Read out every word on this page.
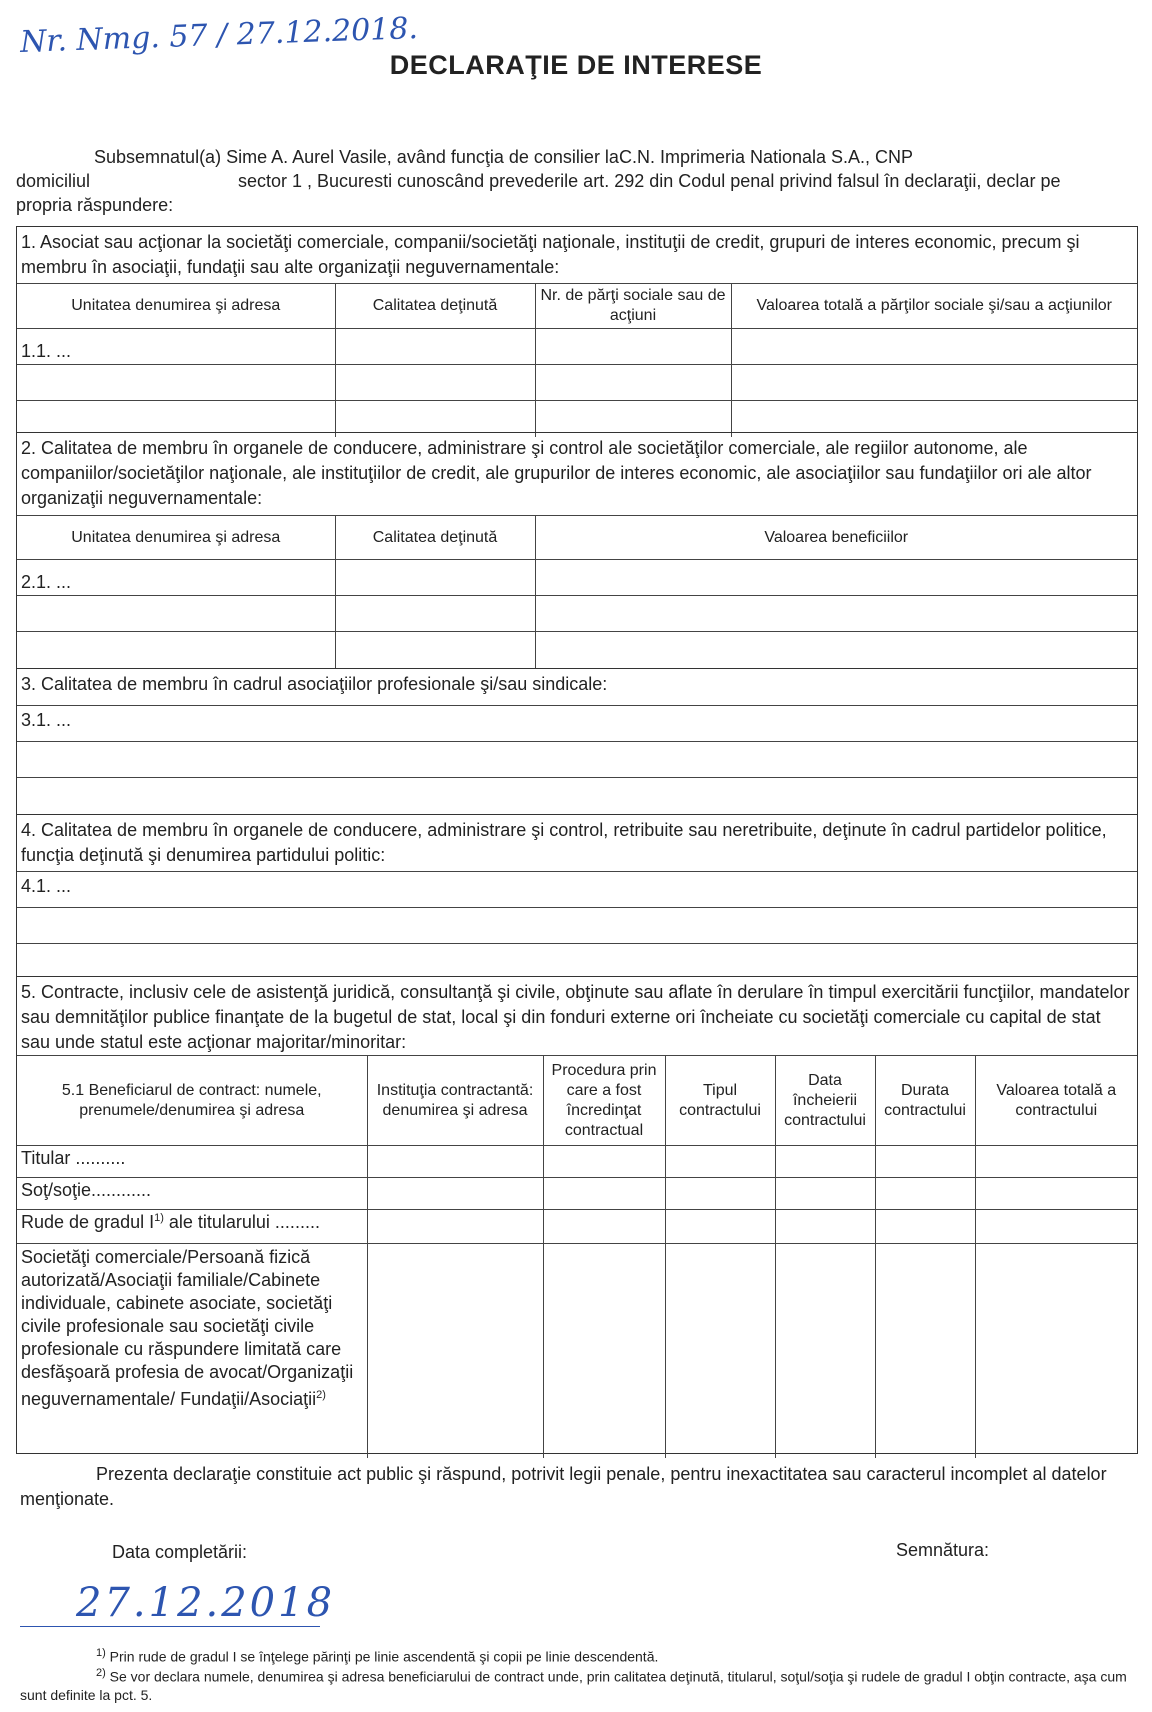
Nr. Nmg. 57 / 27.12.2018.
DECLARAŢIE DE INTERESE
Subsemnatul(a) Sime A. Aurel Vasile, având funcţia de consilier laC.N. Imprimeria Nationala S.A., CNP
domiciliul	sector 1 , Bucuresti cunoscând prevederile art. 292 din Codul penal privind falsul în declaraţii, declar pe
propria răspundere:
1. Asociat sau acţionar la societăţi comerciale, companii/societăţi naţionale, instituţii de credit, grupuri de interes economic, precum şi membru în asociaţii, fundaţii sau alte organizaţii neguvernamentale:
Unitatea denumirea şi adresa	Calitatea deţinută	Nr. de părţi sociale sau de acţiuni	Valoarea totală a părţilor sociale şi/sau a acţiunilor
1.1. ...			

2. Calitatea de membru în organele de conducere, administrare şi control ale societăţilor comerciale, ale regiilor autonome, ale companiilor/societăţilor naţionale, ale instituţiilor de credit, ale grupurilor de interes economic, ale asociaţiilor sau fundaţiilor ori ale altor organizaţii neguvernamentale:
Unitatea denumirea şi adresa	Calitatea deţinută	Valoarea beneficiilor
2.1. ...		

3. Calitatea de membru în cadrul asociaţiilor profesionale şi/sau sindicale:
3.1. ...
4. Calitatea de membru în organele de conducere, administrare şi control, retribuite sau neretribuite, deţinute în cadrul partidelor politice, funcţia deţinută şi denumirea partidului politic:
4.1. ...
5. Contracte, inclusiv cele de asistenţă juridică, consultanţă şi civile, obţinute sau aflate în derulare în timpul exercitării funcţiilor, mandatelor sau demnităţilor publice finanţate de la bugetul de stat, local şi din fonduri externe ori încheiate cu societăţi comerciale cu capital de stat sau unde statul este acţionar majoritar/minoritar:
5.1 Beneficiarul de contract: numele, prenumele/denumirea şi adresa	Instituţia contractantă: denumirea şi adresa	Procedura prin care a fost încredinţat contractual	Tipul contractului	Data încheierii contractului	Durata contractului	Valoarea totală a contractului
Titular ..........						
Soţ/soţie............						
Rude de gradul $I^{1)}$ ale titularului .........						
Societăţi comerciale/Persoană fizică autorizată/Asociaţii familiale/Cabinete individuale, cabinete asociate, societăţi civile profesionale sau societăţi civile profesionale cu răspundere limitată care desfăşoară profesia de avocat/Organizaţii neguvernamentale/ Fundaţii/Asociaţii$^{2)}$						
Prezenta declaraţie constituie act public şi răspund, potrivit legii penale, pentru inexactitatea sau caracterul incomplet al datelor menţionate.
Data completării:	Semnătura:
27.12.2018
$^{1)}$ Prin rude de gradul I se înţelege părinţi pe linie ascendentă şi copii pe linie descendentă.
$^{2)}$ Se vor declara numele, denumirea şi adresa beneficiarului de contract unde, prin calitatea deţinută, titularul, soţul/soţia şi rudele de gradul I obţin contracte, aşa cum sunt definite la pct. 5.
